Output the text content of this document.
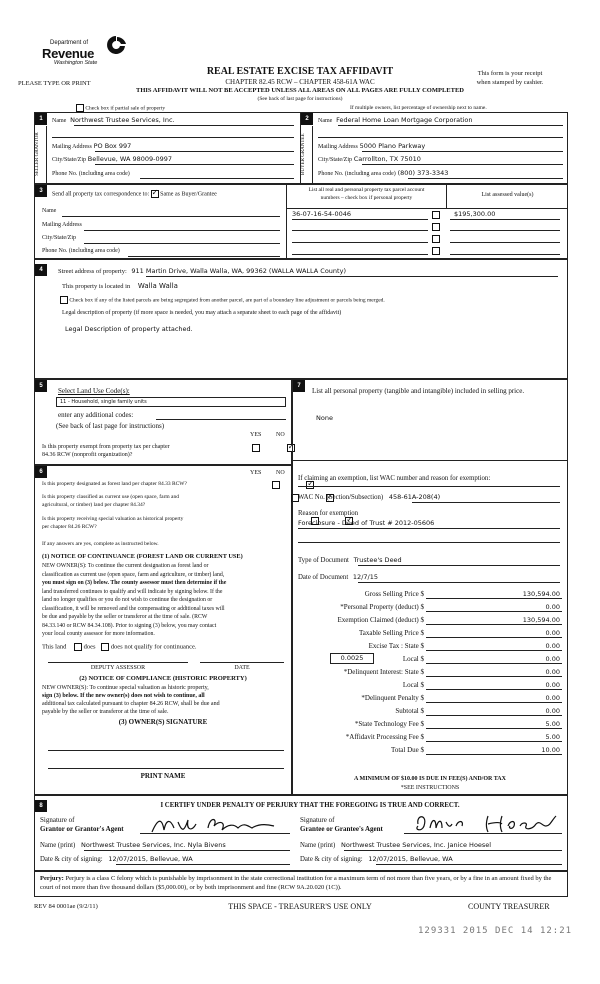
Department of
Revenue
Washington State
PLEASE TYPE OR PRINT
REAL ESTATE EXCISE TAX AFFIDAVIT
CHAPTER 82.45 RCW – CHAPTER 458-61A WAC
THIS AFFIDAVIT WILL NOT BE ACCEPTED UNLESS ALL AREAS ON ALL PAGES ARE FULLY COMPLETED
(See back of last page for instructions)
This form is your receipt
when stamped by cashier.
Check box if partial sale of property	If multiple owners, list percentage of ownership next to name.
1
SELLER GRANTOR
Name Northwest Trustee Services, Inc.
Mailing Address PO Box 997
City/State/Zip Bellevue, WA 98009-0997
Phone No. (including area code)
2
BUYER GRANTEE
Name Federal Home Loan Mortgage Corporation
Mailing Address 5000 Plano Parkway
City/State/Zip Carrollton, TX 75010
Phone No. (including area code) (800) 373-3343
3
Send all property tax correspondence to: ✓ Same as Buyer/Grantee
Name
Mailing Address
City/State/Zip
Phone No. (including area code)
List all real and personal property tax parcel account
numbers – check box if personal property	List assessed value(s)
36-07-16-54-0046	$195,300.00
4	Street address of property: 911 Martin Drive, Walla Walla, WA, 99362 (WALLA WALLA County)
This property is located in Walla Walla
Check box if any of the listed parcels are being segregated from another parcel, are part of a boundary line adjustment or parcels being merged.
Legal description of property (if more space is needed, you may attach a separate sheet to each page of the affidavit)
Legal Description of property attached.
5
Select Land Use Code(s):
11 - Household, single family units
enter any additional codes:
(See back of last page for instructions)
YES NO
Is this property exempt from property tax per chapter
84.36 RCW (nonprofit organization)?
✓
6	YES NO
Is this property designated as forest land per chapter 84.33 RCW?
✓
Is this property classified as current use (open space, farm and
agricultural, or timber) land per chapter 84.34?
✓
Is this property receiving special valuation as historical property
per chapter 84.26 RCW?
✓
If any answers are yes, complete as instructed below.
(1) NOTICE OF CONTINUANCE (FOREST LAND OR CURRENT USE)
NEW OWNER(S): To continue the current designation as forest land or
classification as current use (open space, farm and agriculture, or timber) land,
you must sign on (3) below. The county assessor must then determine if the
land transferred continues to qualify and will indicate by signing below. If the
land no longer qualifies or you do not wish to continue the designation or
classification, it will be removed and the compensating or additional taxes will
be due and payable by the seller or transferor at the time of sale. (RCW
84.33.140 or RCW 84.34.108). Prior to signing (3) below, you may contact
your local county assessor for more information.
This land	does does not qualify for continuance.
DEPUTY ASSESSOR	DATE
(2) NOTICE OF COMPLIANCE (HISTORIC PROPERTY)
NEW OWNER(S): To continue special valuation as historic property,
sign (3) below. If the new owner(s) does not wish to continue, all
additional tax calculated pursuant to chapter 84.26 RCW, shall be due and
payable by the seller or transferor at the time of sale.
(3) OWNER(S) SIGNATURE
PRINT NAME
7
List all personal property (tangible and intangible) included in selling price.
None
If claiming an exemption, list WAC number and reason for exemption:
WAC No. (Section/Subsection) 458-61A-208(4)
Reason for exemption
Foreclosure - Deed of Trust # 2012-05606
Type of Document Trustee's Deed
Date of Document 12/7/15
Gross Selling Price $	130,594.00
*Personal Property (deduct) $	0.00
Exemption Claimed (deduct) $	130,594.00
Taxable Selling Price $	0.00
Excise Tax : State $	0.00
0.0025	Local $	0.00
*Delinquent Interest: State $	0.00
Local $	0.00
*Delinquent Penalty $	0.00
Subtotal $	0.00
*State Technology Fee $	5.00
*Affidavit Processing Fee $	5.00
Total Due $	10.00
A MINIMUM OF $10.00 IS DUE IN FEE(S) AND/OR TAX
*SEE INSTRUCTIONS
8	I CERTIFY UNDER PENALTY OF PERJURY THAT THE FOREGOING IS TRUE AND CORRECT.
Signature of
Grantor or Grantor's Agent
Name (print) Northwest Trustee Services, Inc. Nyla Bivens
Date & city of signing: 12/07/2015, Bellevue, WA
Signature of
Grantee or Grantee's Agent
Name (print) Northwest Trustee Services, Inc. Janice Hoesel
Date & city of signing: 12/07/2015, Bellevue, WA
Perjury: Perjury is a class C felony which is punishable by imprisonment in the state correctional institution for a maximum term of not more than five years, or by a fine in an amount fixed by the court of not more than five thousand dollars ($5,000.00), or by both imprisonment and fine (RCW 9A.20.020 (1C)).
REV 84 0001ae (9/2/11)	THIS SPACE - TREASURER'S USE ONLY	COUNTY TREASURER
129331 2015 DEC 14 12:21
